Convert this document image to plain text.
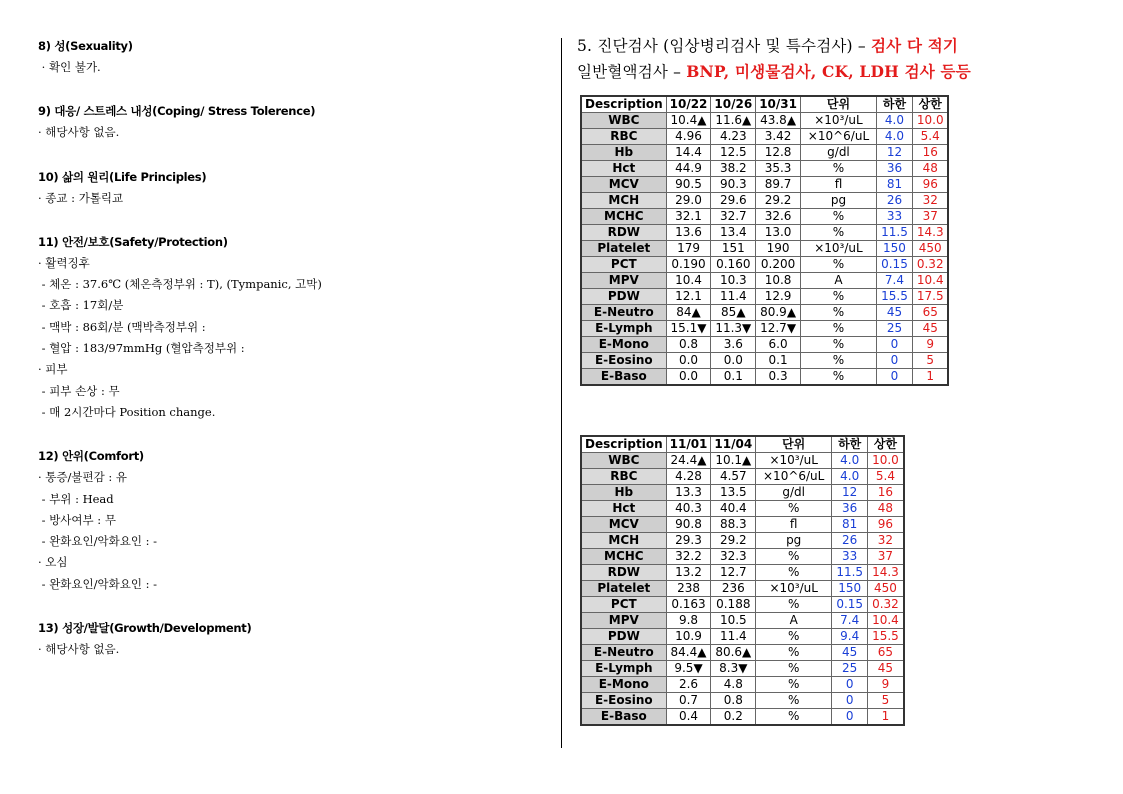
8) 성(Sexuality)
· 확인 불가.
9) 대응/ 스트레스 내성(Coping/ Stress Tolerence)
· 해당사항 없음.
10) 삶의 원리(Life Principles)
· 종교 : 가톨릭교
11) 안전/보호(Safety/Protection)
· 활력징후
- 체온 : 37.6℃ (체온측정부위 : T), (Tympanic, 고막)
- 호흡 : 17회/분
- 맥박 : 86회/분 (맥박측정부위 :
- 혈압 : 183/97mmHg (혈압측정부위 :
· 피부
- 피부 손상 : 무
- 매 2시간마다 Position change.
12) 안위(Comfort)
· 통증/불편감 : 유
- 부위 : Head
- 방사여부 : 무
- 완화요인/악화요인 : -
· 오심
- 완화요인/악화요인 : -
13) 성장/발달(Growth/Development)
· 해당사항 없음.
5. 진단검사 (임상병리검사 및 특수검사) – 검사 다 적기
일반혈액검사 – BNP, 미생물검사, CK, LDH 검사 등등
Description	10/22	10/26	10/31	단위	하한	상한
WBC	10.4▲	11.6▲	43.8▲	×10³/uL	4.0	10.0
RBC	4.96	4.23	3.42	×10^6/uL	4.0	5.4
Hb	14.4	12.5	12.8	g/dl	12	16
Hct	44.9	38.2	35.3	%	36	48
MCV	90.5	90.3	89.7	fl	81	96
MCH	29.0	29.6	29.2	pg	26	32
MCHC	32.1	32.7	32.6	%	33	37
RDW	13.6	13.4	13.0	%	11.5	14.3
Platelet	179	151	190	×10³/uL	150	450
PCT	0.190	0.160	0.200	%	0.15	0.32
MPV	10.4	10.3	10.8	A	7.4	10.4
PDW	12.1	11.4	12.9	%	15.5	17.5
E-Neutro	84▲	85▲	80.9▲	%	45	65
E-Lymph	15.1▼	11.3▼	12.7▼	%	25	45
E-Mono	0.8	3.6	6.0	%	0	9
E-Eosino	0.0	0.0	0.1	%	0	5
E-Baso	0.0	0.1	0.3	%	0	1
Description	11/01	11/04	단위	하한	상한
WBC	24.4▲	10.1▲	×10³/uL	4.0	10.0
RBC	4.28	4.57	×10^6/uL	4.0	5.4
Hb	13.3	13.5	g/dl	12	16
Hct	40.3	40.4	%	36	48
MCV	90.8	88.3	fl	81	96
MCH	29.3	29.2	pg	26	32
MCHC	32.2	32.3	%	33	37
RDW	13.2	12.7	%	11.5	14.3
Platelet	238	236	×10³/uL	150	450
PCT	0.163	0.188	%	0.15	0.32
MPV	9.8	10.5	A	7.4	10.4
PDW	10.9	11.4	%	9.4	15.5
E-Neutro	84.4▲	80.6▲	%	45	65
E-Lymph	9.5▼	8.3▼	%	25	45
E-Mono	2.6	4.8	%	0	9
E-Eosino	0.7	0.8	%	0	5
E-Baso	0.4	0.2	%	0	1
